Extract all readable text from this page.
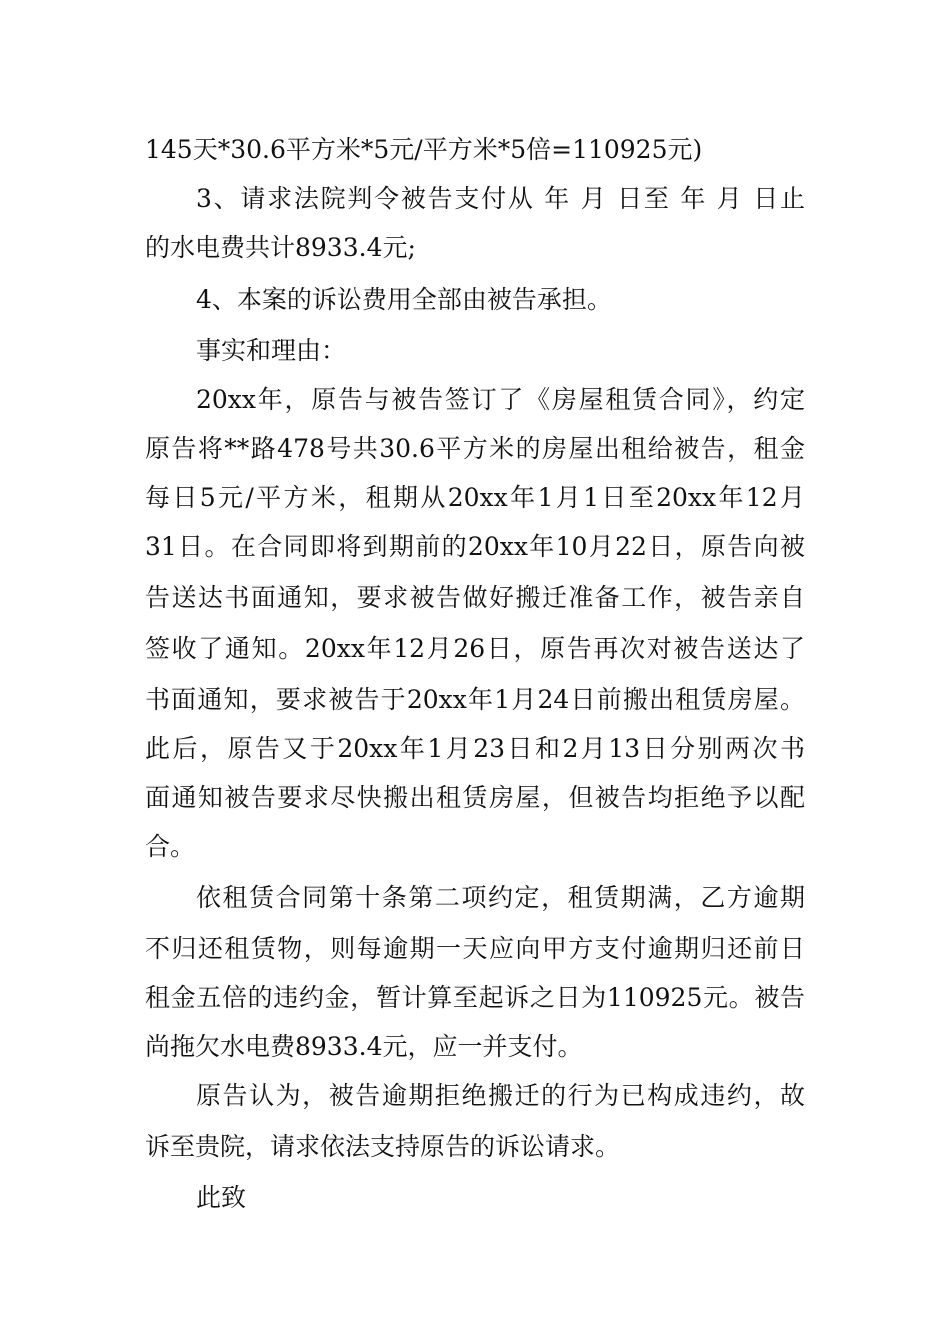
145天*30.6平方米*5元/平方米*5倍=110925元)
3、请求法院判令被告支付从 年 月 日至 年 月 日止
的水电费共计8933.4元;
4、本案的诉讼费用全部由被告承担。
事实和理由：
20xx年，原告与被告签订了《房屋租赁合同》，约定
原告将**路478号共30.6平方米的房屋出租给被告，租金
每日5元/平方米，租期从20xx年1月1日至20xx年12月
31日。在合同即将到期前的20xx年10月22日，原告向被
告送达书面通知，要求被告做好搬迁准备工作，被告亲自
签收了通知。20xx年12月26日，原告再次对被告送达了
书面通知，要求被告于20xx年1月24日前搬出租赁房屋。
此后，原告又于20xx年1月23日和2月13日分别两次书
面通知被告要求尽快搬出租赁房屋，但被告均拒绝予以配
合。
依租赁合同第十条第二项约定，租赁期满，乙方逾期
不归还租赁物，则每逾期一天应向甲方支付逾期归还前日
租金五倍的违约金，暂计算至起诉之日为110925元。被告
尚拖欠水电费8933.4元，应一并支付。
原告认为，被告逾期拒绝搬迁的行为已构成违约，故
诉至贵院，请求依法支持原告的诉讼请求。
此致
